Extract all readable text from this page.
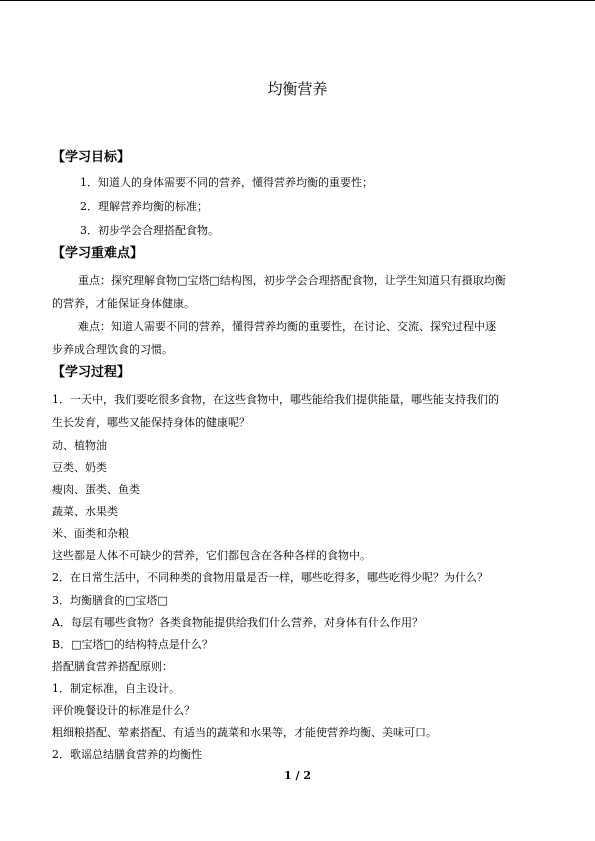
均衡营养
【学习目标】
1．知道人的身体需要不同的营养，懂得营养均衡的重要性；
2．理解营养均衡的标准；
3．初步学会合理搭配食物。
【学习重难点】
重点：探究理解食物□宝塔□结构图，初步学会合理搭配食物，让学生知道只有摄取均衡
的营养，才能保证身体健康。
难点：知道人需要不同的营养，懂得营养均衡的重要性，在讨论、交流、探究过程中逐
步养成合理饮食的习惯。
【学习过程】
1．一天中，我们要吃很多食物，在这些食物中，哪些能给我们提供能量，哪些能支持我们的
生长发育，哪些又能保持身体的健康呢？
动、植物油
豆类、奶类
瘦肉、蛋类、鱼类
蔬菜、水果类
米、面类和杂粮
这些都是人体不可缺少的营养，它们都包含在各种各样的食物中。
2．在日常生活中，不同种类的食物用量是否一样，哪些吃得多，哪些吃得少呢？为什么？
3．均衡膳食的□宝塔□
A．每层有哪些食物？各类食物能提供给我们什么营养，对身体有什么作用？
B．□宝塔□的结构特点是什么？
搭配膳食营养搭配原则：
1．制定标准，自主设计。
评价晚餐设计的标准是什么？
粗细粮搭配、荤素搭配、有适当的蔬菜和水果等，才能使营养均衡、美味可口。
2．歌谣总结膳食营养的均衡性
1 / 2
